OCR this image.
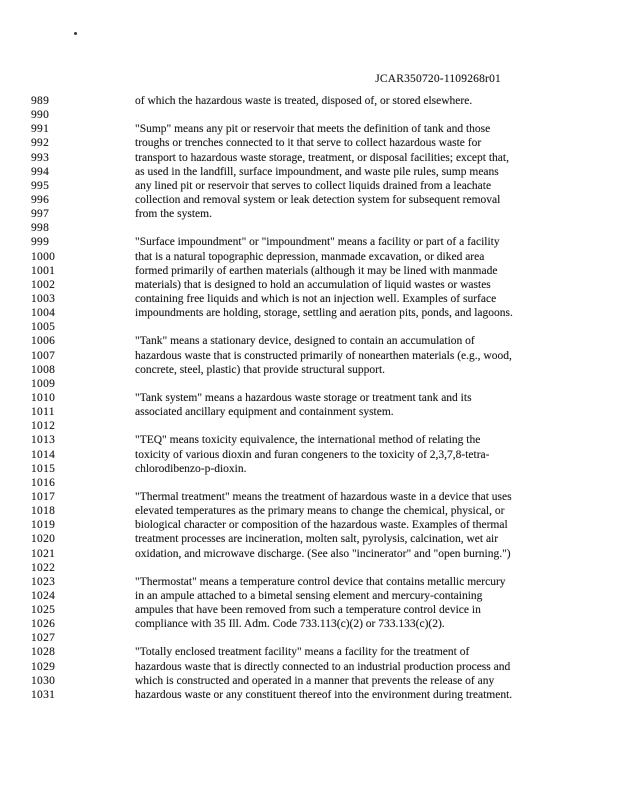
JCAR350720-1109268r01
989	of which the hazardous waste is treated, disposed of, or stored elsewhere.
990
991	"Sump" means any pit or reservoir that meets the definition of tank and those
992	troughs or trenches connected to it that serve to collect hazardous waste for
993	transport to hazardous waste storage, treatment, or disposal facilities; except that,
994	as used in the landfill, surface impoundment, and waste pile rules, sump means
995	any lined pit or reservoir that serves to collect liquids drained from a leachate
996	collection and removal system or leak detection system for subsequent removal
997	from the system.
998
999	"Surface impoundment" or "impoundment" means a facility or part of a facility
1000	that is a natural topographic depression, manmade excavation, or diked area
1001	formed primarily of earthen materials (although it may be lined with manmade
1002	materials) that is designed to hold an accumulation of liquid wastes or wastes
1003	containing free liquids and which is not an injection well. Examples of surface
1004	impoundments are holding, storage, settling and aeration pits, ponds, and lagoons.
1005
1006	"Tank" means a stationary device, designed to contain an accumulation of
1007	hazardous waste that is constructed primarily of nonearthen materials (e.g., wood,
1008	concrete, steel, plastic) that provide structural support.
1009
1010	"Tank system" means a hazardous waste storage or treatment tank and its
1011	associated ancillary equipment and containment system.
1012
1013	"TEQ" means toxicity equivalence, the international method of relating the
1014	toxicity of various dioxin and furan congeners to the toxicity of 2,3,7,8-tetra-
1015	chlorodibenzo-p-dioxin.
1016
1017	"Thermal treatment" means the treatment of hazardous waste in a device that uses
1018	elevated temperatures as the primary means to change the chemical, physical, or
1019	biological character or composition of the hazardous waste. Examples of thermal
1020	treatment processes are incineration, molten salt, pyrolysis, calcination, wet air
1021	oxidation, and microwave discharge. (See also "incinerator" and "open burning.")
1022
1023	"Thermostat" means a temperature control device that contains metallic mercury
1024	in an ampule attached to a bimetal sensing element and mercury-containing
1025	ampules that have been removed from such a temperature control device in
1026	compliance with 35 Ill. Adm. Code 733.113(c)(2) or 733.133(c)(2).
1027
1028	"Totally enclosed treatment facility" means a facility for the treatment of
1029	hazardous waste that is directly connected to an industrial production process and
1030	which is constructed and operated in a manner that prevents the release of any
1031	hazardous waste or any constituent thereof into the environment during treatment.
